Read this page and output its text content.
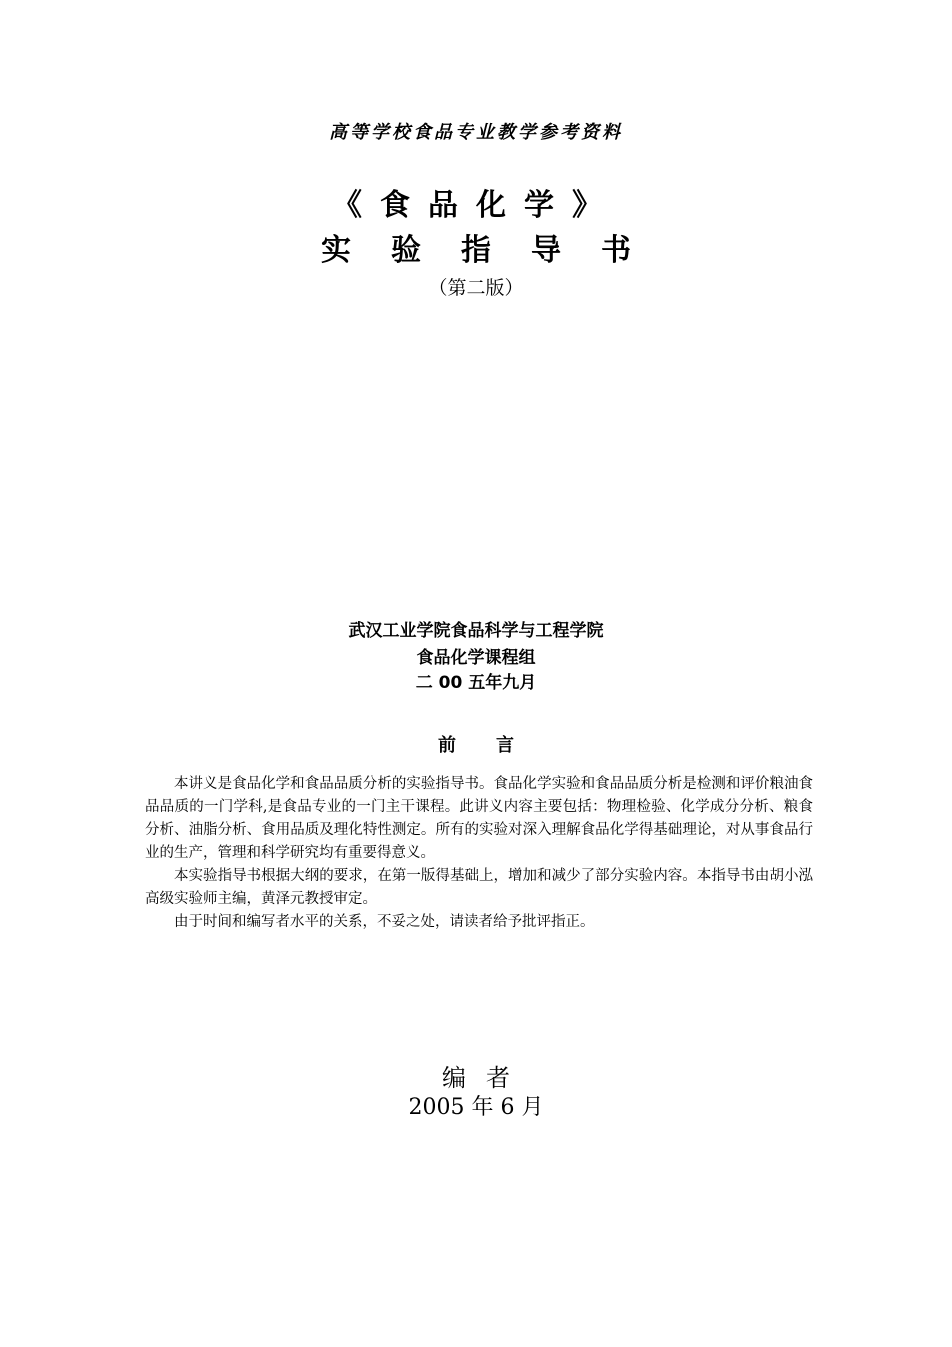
高等学校食品专业教学参考资料
《食品化学》
实验指导书
（第二版）
武汉工业学院食品科学与工程学院
食品化学课程组
二 00 五年九月
前言

本讲义是食品化学和食品品质分析的实验指导书。食品化学实验和食品品质分析是检测和评价粮油食品品质的一门学科,是食品专业的一门主干课程。此讲义内容主要包括：物理检验、化学成分分析、粮食分析、油脂分析、食用品质及理化特性测定。所有的实验对深入理解食品化学得基础理论，对从事食品行业的生产，管理和科学研究均有重要得意义。

本实验指导书根据大纲的要求，在第一版得基础上，增加和减少了部分实验内容。本指导书由胡小泓高级实验师主编，黄泽元教授审定。

由于时间和编写者水平的关系，不妥之处，请读者给予批评指正。

编者
2005 年 6 月
